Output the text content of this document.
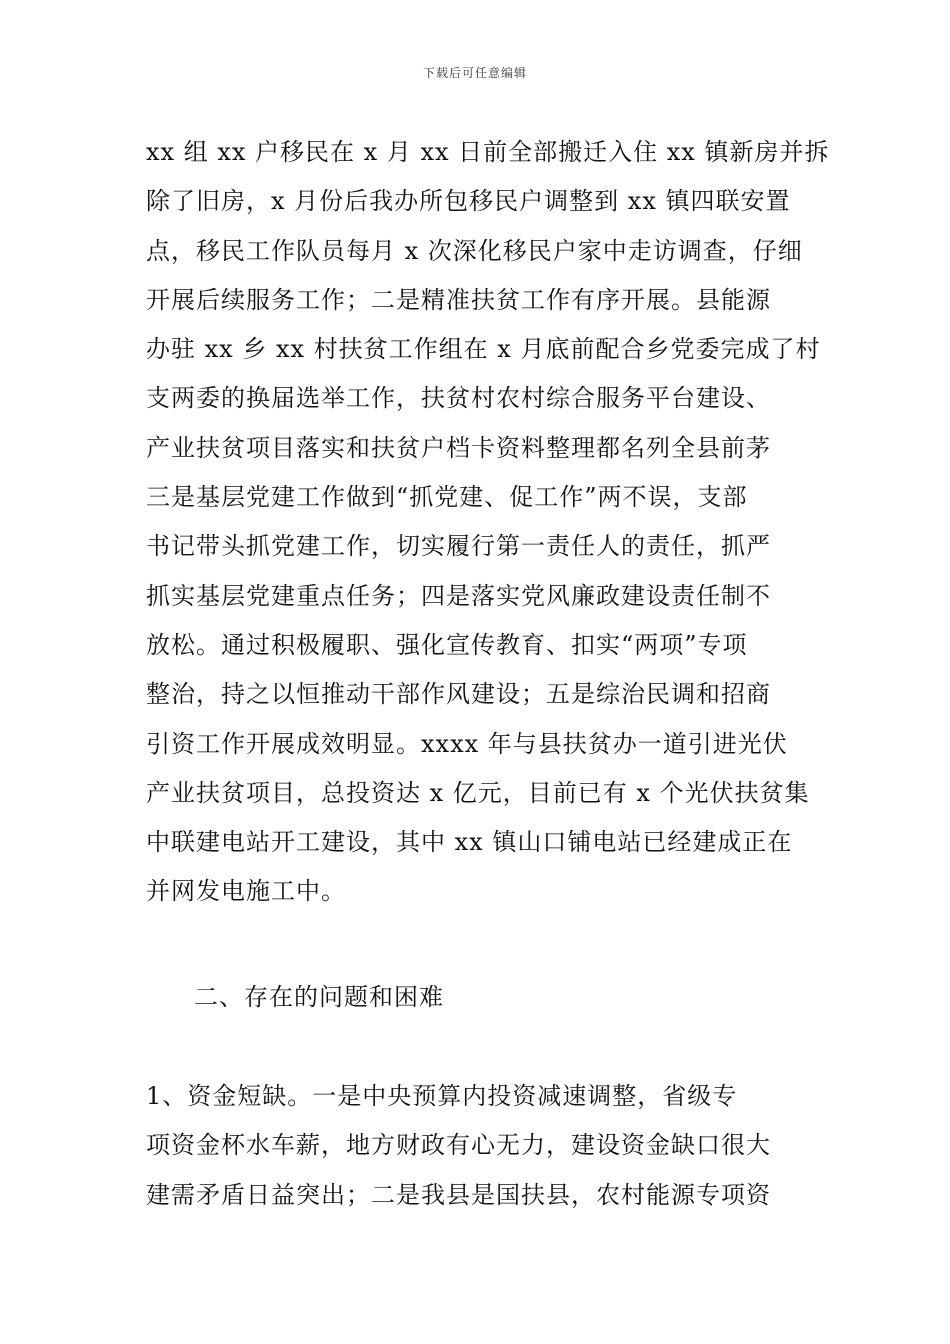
下载后可任意编辑
xx 组 xx 户移民在 x 月 xx 日前全部搬迁入住 xx 镇新房并拆
除了旧房，x 月份后我办所包移民户调整到 xx 镇四联安置
点，移民工作队员每月 x 次深化移民户家中走访调查，仔细
开展后续服务工作；二是精准扶贫工作有序开展。县能源
办驻 xx 乡 xx 村扶贫工作组在 x 月底前配合乡党委完成了村
支两委的换届选举工作，扶贫村农村综合服务平台建设、
产业扶贫项目落实和扶贫户档卡资料整理都名列全县前茅
三是基层党建工作做到“抓党建、促工作”两不误，支部
书记带头抓党建工作，切实履行第一责任人的责任，抓严
抓实基层党建重点任务；四是落实党风廉政建设责任制不
放松。通过积极履职、强化宣传教育、扣实“两项”专项
整治，持之以恒推动干部作风建设；五是综治民调和招商
引资工作开展成效明显。xxxx 年与县扶贫办一道引进光伏
产业扶贫项目，总投资达 x 亿元，目前已有 x 个光伏扶贫集
中联建电站开工建设，其中 xx 镇山口铺电站已经建成正在
并网发电施工中。
二、存在的问题和困难
1、资金短缺。一是中央预算内投资减速调整，省级专
项资金杯水车薪，地方财政有心无力，建设资金缺口很大
建需矛盾日益突出；二是我县是国扶县，农村能源专项资
